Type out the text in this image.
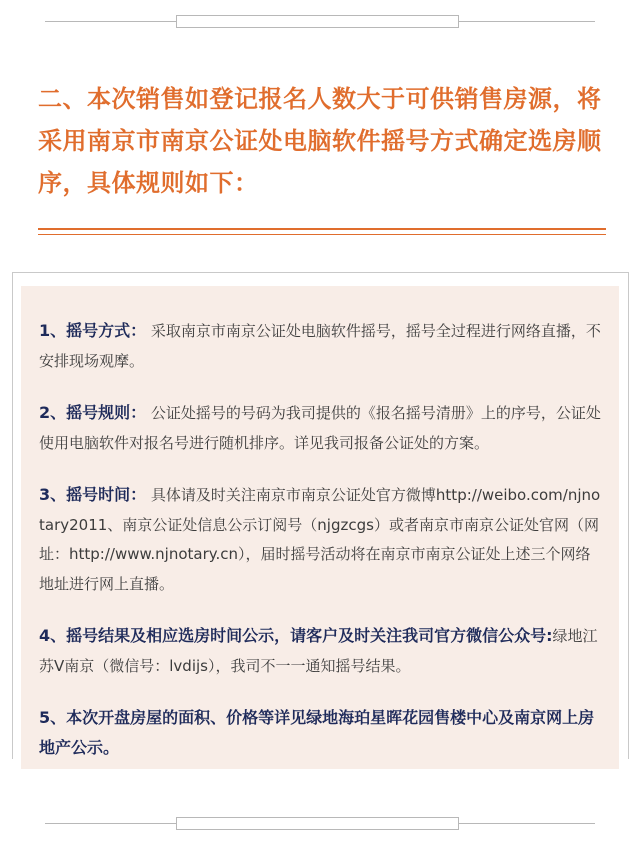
二、本次销售如登记报名人数大于可供销售房源，将采用南京市南京公证处电脑软件摇号方式确定选房顺序，具体规则如下：

1、摇号方式： 采取南京市南京公证处电脑软件摇号，摇号全过程进行网络直播，不安排现场观摩。

2、摇号规则： 公证处摇号的号码为我司提供的《报名摇号清册》上的序号，公证处使用电脑软件对报名号进行随机排序。详见我司报备公证处的方案。

3、摇号时间： 具体请及时关注南京市南京公证处官方微博http://weibo.com/njnotary2011、南京公证处信息公示订阅号（njgzcgs）或者南京市南京公证处官网（网址：http://www.njnotary.cn），届时摇号活动将在南京市南京公证处上述三个网络地址进行网上直播。

4、摇号结果及相应选房时间公示，请客户及时关注我司官方微信公众号:绿地江苏V南京（微信号：lvdijs），我司不一一通知摇号结果。

5、本次开盘房屋的面积、价格等详见绿地海珀星晖花园售楼中心及南京网上房地产公示。
